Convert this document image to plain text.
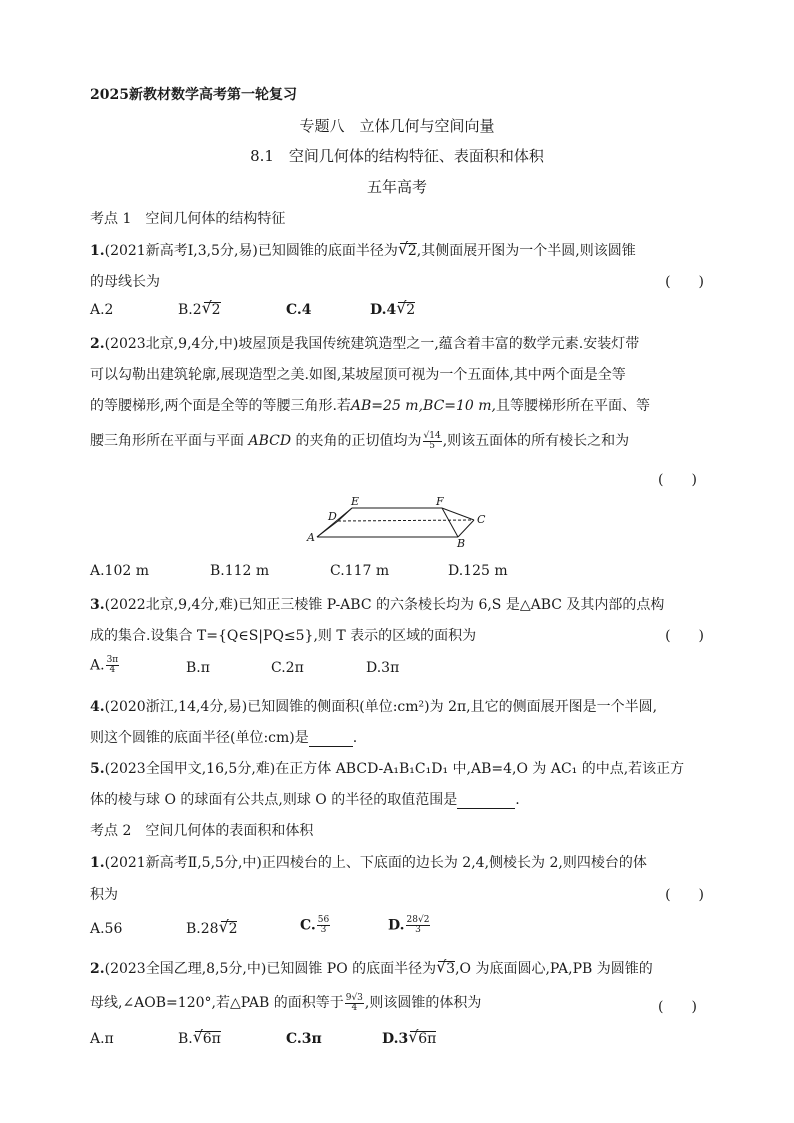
2025新教材数学高考第一轮复习
专题八　立体几何与空间向量
8.1　空间几何体的结构特征、表面积和体积
五年高考
考点 1　空间几何体的结构特征
1.(2021新高考Ⅰ,3,5分,易)已知圆锥的底面半径为 √ 2,其侧面展开图为一个半圆,则该圆锥
的母线长为	(　　)
A.2	B.2 √ 2	C.4	D.4 √ 2
2.(2023北京,9,4分,中)坡屋顶是我国传统建筑造型之一,蕴含着丰富的数学元素.安装灯带
可以勾勒出建筑轮廓,展现造型之美.如图,某坡屋顶可视为一个五面体,其中两个面是全等
的等腰梯形,两个面是全等的等腰三角形.若AB=25 m,BC=10 m,且等腰梯形所在平面、等
腰三角形所在平面与平面 ABCD 的夹角的正切值均为 $\frac{√14}{5}$ ,则该五面体的所有棱长之和为
(　　)
A	B
C
D
E	F
A.102 m	B.112 m	C.117 m	D.125 m
3.(2022北京,9,4分,难)已知正三棱锥 P-ABC 的六条棱长均为 6,S 是△ABC 及其内部的点构
成的集合.设集合 T={Q∈S|PQ≤5},则 T 表示的区域的面积为	(　　)
A. $\frac{3\pi}{4}$	B.π	C.2π	D.3π
4.(2020浙江,14,4分,易)已知圆锥的侧面积(单位:cm²)为 2π,且它的侧面展开图是一个半圆,
则这个圆锥的底面半径(单位:cm)是	.
5.(2023全国甲文,16,5分,难)在正方体 ABCD-A₁B₁C₁D₁ 中,AB=4,O 为 AC₁ 的中点,若该正方
体的棱与球 O 的球面有公共点,则球 O 的半径的取值范围是	.
考点 2　空间几何体的表面积和体积
1.(2021新高考Ⅱ,5,5分,中)正四棱台的上、下底面的边长为 2,4,侧棱长为 2,则四棱台的体
积为	(　　)
A.56	B.28 √ 2	C. $\frac{56}{3}$	D. $\frac{28√2}{3}$
2.(2023全国乙理,8,5分,中)已知圆锥 PO 的底面半径为 √ 3,O 为底面圆心,PA,PB 为圆锥的
母线,∠AOB=120°,若△PAB 的面积等于 $\frac{9√3}{4}$ ,则该圆锥的体积为	(　　)
A.π	B. √ 6π	C.3π	D.3 √ 6π
